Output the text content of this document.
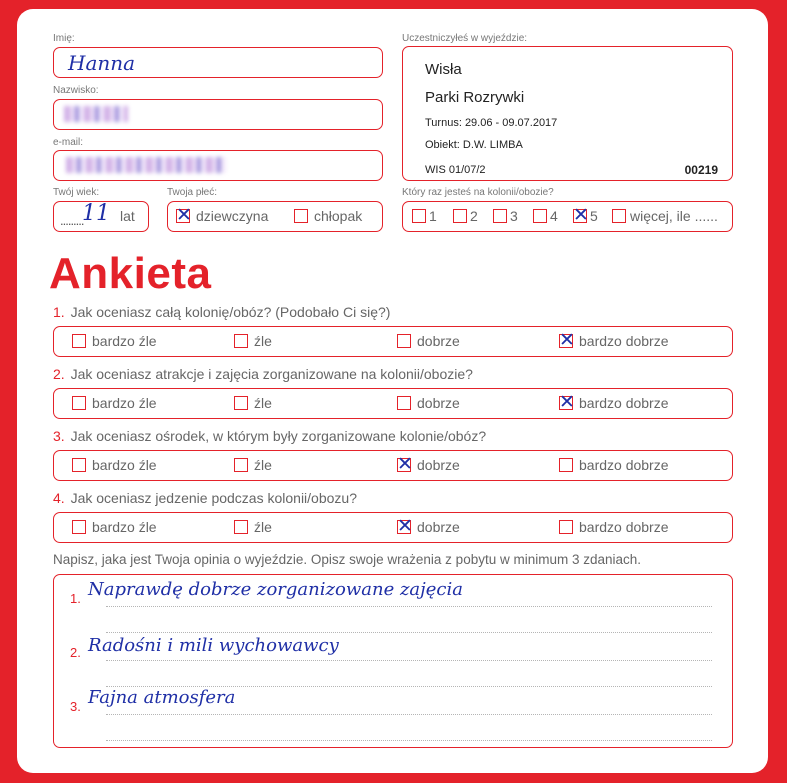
Imię:
Hanna
Nazwisko:
e-mail:
Twój wiek:
.........
11 lat
Twoja płeć:
✕dziewczyna	chłopak
Uczestniczyłeś w wyjeździe:
Wisła
Parki Rozrywki
Turnus: 29.06 - 09.07.2017
Obiekt: D.W. LIMBA
WIS 01/07/2	00219
Który raz jesteś na kolonii/obozie?
1	2	3	4 ✕	5	więcej, ile ......
Ankieta
1. Jak oceniasz całą kolonię/obóz? (Podobało Ci się?)
bardzo źle	źle	dobrze ✕	bardzo dobrze
2. Jak oceniasz atrakcje i zajęcia zorganizowane na kolonii/obozie?
bardzo źle	źle	dobrze ✕	bardzo dobrze
3. Jak oceniasz ośrodek, w którym były zorganizowane kolonie/obóz?
bardzo źle	źle ✕	dobrze	bardzo dobrze
4. Jak oceniasz jedzenie podczas kolonii/obozu?
bardzo źle	źle ✕	dobrze	bardzo dobrze
Napisz, jaka jest Twoja opinia o wyjeździe. Opisz swoje wrażenia z pobytu w minimum 3 zdaniach.
1. Naprawdę dobrze zorganizowane zajęcia
2. Radośni i mili wychowawcy
3. Fajna atmosfera
